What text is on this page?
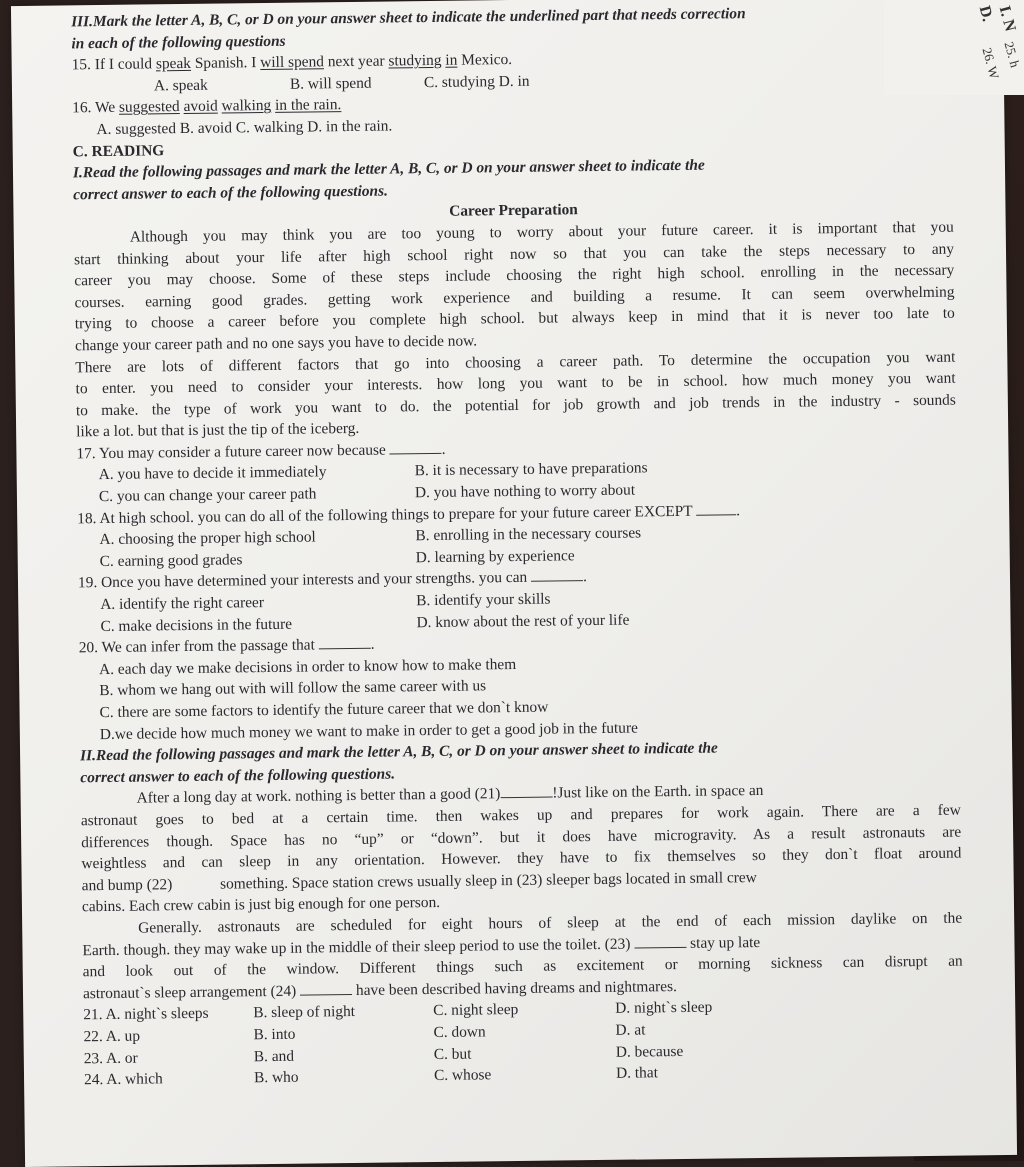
III.Mark the letter A, B, C, or D on your answer sheet to indicate the underlined part that needs correction
in each of the following questions
15. If I could speak Spanish. I will spend next year studying in Mexico.
A. speak	B. will spend	C. studying D. in
16. We suggested avoid walking in the rain.
A. suggested B. avoid C. walking D. in the rain.
C. READING
I.Read the following passages and mark the letter A, B, C, or D on your answer sheet to indicate the
correct answer to each of the following questions.
Career Preparation
Although you may think you are too young to worry about your future career. it is important that you
start thinking about your life after high school right now so that you can take the steps necessary to any
career you may choose. Some of these steps include choosing the right high school. enrolling in the necessary
courses. earning good grades. getting work experience and building a resume. It can seem overwhelming
trying to choose a career before you complete high school. but always keep in mind that it is never too late to
change your career path and no one says you have to decide now.
There are lots of different factors that go into choosing a career path. To determine the occupation you want
to enter. you need to consider your interests. how long you want to be in school. how much money you want
to make. the type of work you want to do. the potential for job growth and job trends in the industry - sounds
like a lot. but that is just the tip of the iceberg.
17. You may consider a future career now because	.
A. you have to decide it immediately	B. it is necessary to have preparations
C. you can change your career path	D. you have nothing to worry about
18. At high school. you can do all of the following things to prepare for your future career EXCEPT	.
A. choosing the proper high school	B. enrolling in the necessary courses
C. earning good grades	D. learning by experience
19. Once you have determined your interests and your strengths. you can	.
A. identify the right career	B. identify your skills
C. make decisions in the future	D. know about the rest of your life
20. We can infer from the passage that	.
A. each day we make decisions in order to know how to make them
B. whom we hang out with will follow the same career with us
C. there are some factors to identify the future career that we don`t know
D.we decide how much money we want to make in order to get a good job in the future
II.Read the following passages and mark the letter A, B, C, or D on your answer sheet to indicate the
correct answer to each of the following questions.
After a long day at work. nothing is better than a good (21)	!Just like on the Earth. in space an
astronaut goes to bed at a certain time. then wakes up and prepares for work again. There are a few
differences though. Space has no “up” or “down”. but it does have microgravity. As a result astronauts are
weightless and can sleep in any orientation. However. they have to fix themselves so they don`t float around
and bump (22)	something. Space station crews usually sleep in (23) sleeper bags located in small crew
cabins. Each crew cabin is just big enough for one person.
Generally. astronauts are scheduled for eight hours of sleep at the end of each mission daylike on the
Earth. though. they may wake up in the middle of their sleep period to use the toilet. (23)	stay up late
and look out of the window. Different things such as excitement or morning sickness can disrupt an
astronaut`s sleep arrangement (24)	have been described having dreams and nightmares.
21. A. night`s sleeps	B. sleep of night	C. night sleep	D. night`s sleep
22. A. up	B. into	C. down	D. at
23. A. or	B. and	C. but	D. because
24. A. which	B. who	C. whose	D. that
D. I. N
25. h
26. W
